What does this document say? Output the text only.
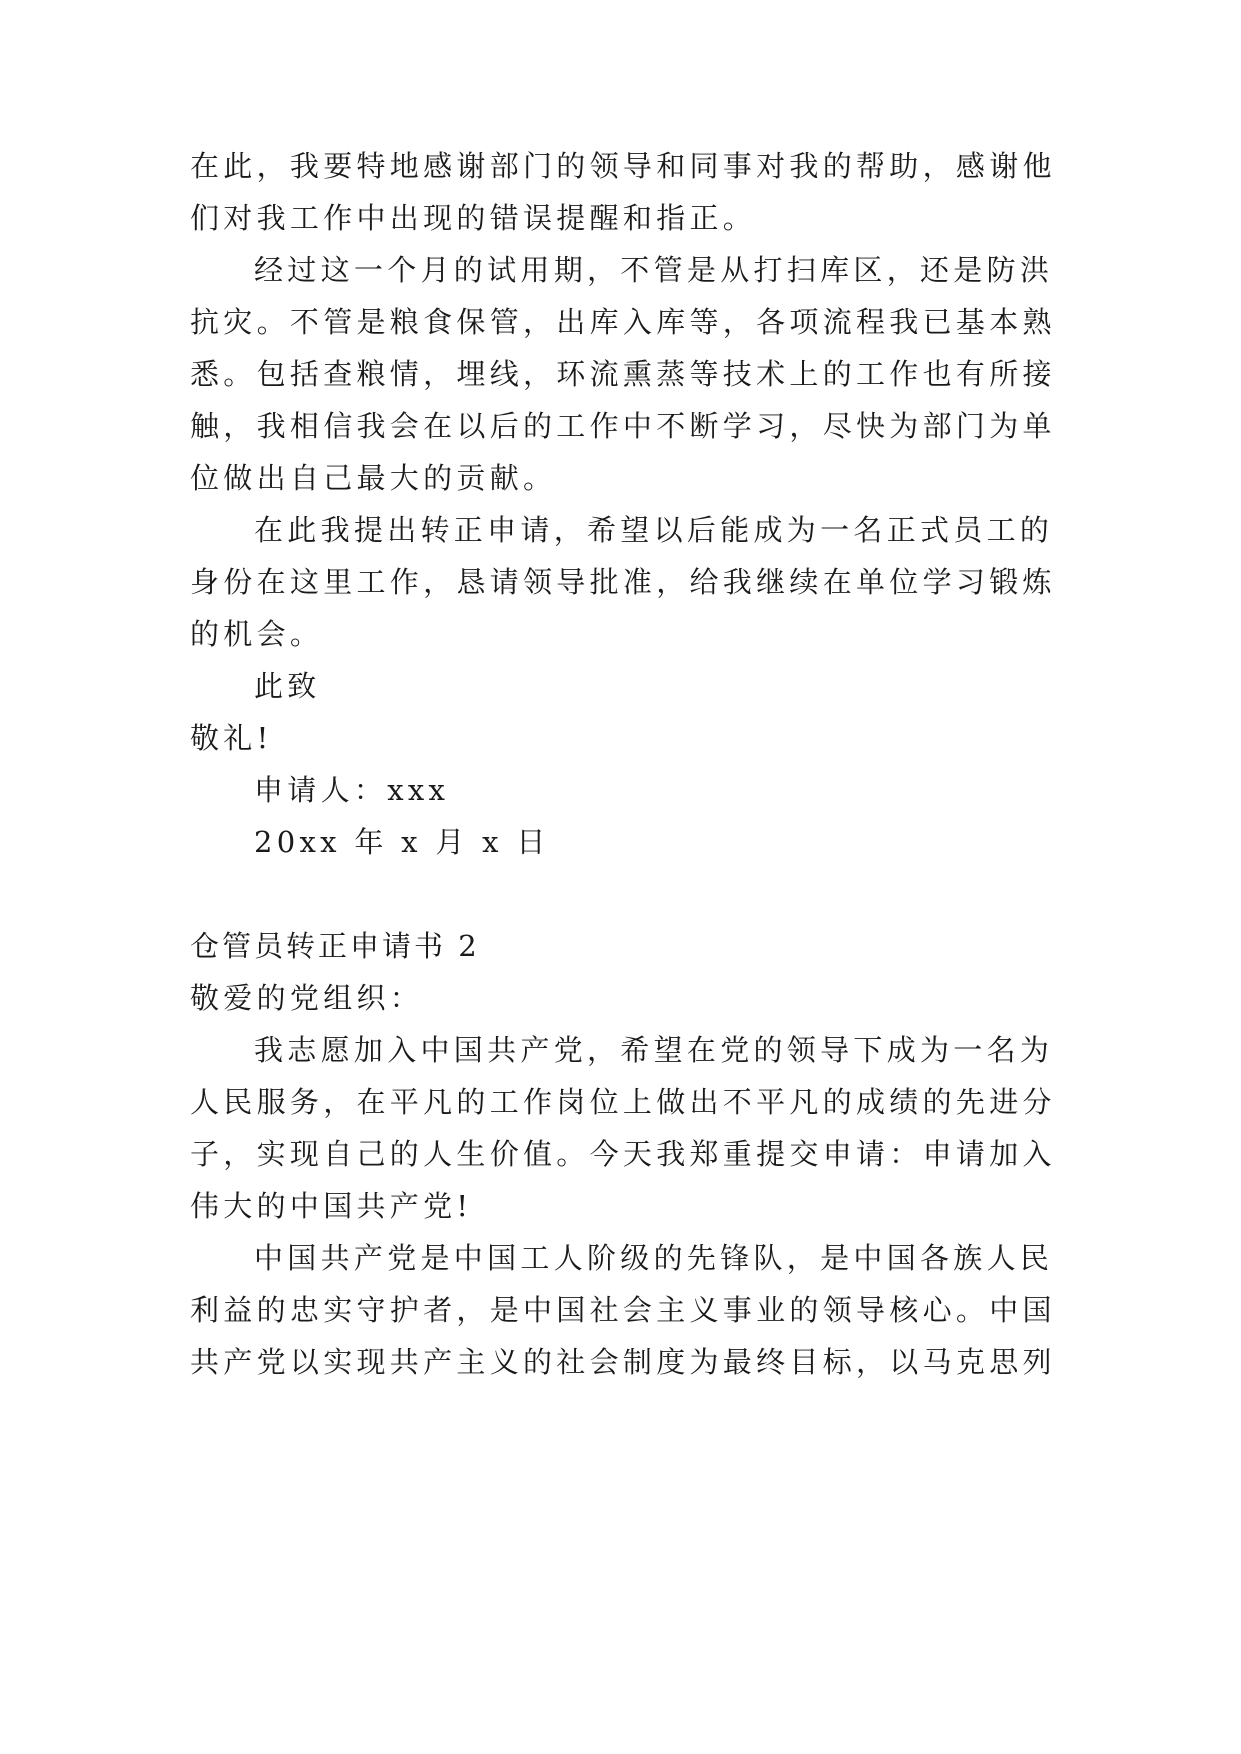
在此，我要特地感谢部门的领导和同事对我的帮助，感谢他
们对我工作中出现的错误提醒和指正。
经过这一个月的试用期，不管是从打扫库区，还是防洪
抗灾。不管是粮食保管，出库入库等，各项流程我已基本熟
悉。包括查粮情，埋线，环流熏蒸等技术上的工作也有所接
触，我相信我会在以后的工作中不断学习，尽快为部门为单
位做出自己最大的贡献。
在此我提出转正申请，希望以后能成为一名正式员工的
身份在这里工作，恳请领导批准，给我继续在单位学习锻炼
的机会。
此致
敬礼!
申请人：xxx
20xx 年 x 月 x 日
仓管员转正申请书 2
敬爱的党组织：
我志愿加入中国共产党，希望在党的领导下成为一名为
人民服务，在平凡的工作岗位上做出不平凡的成绩的先进分
子，实现自己的人生价值。今天我郑重提交申请：申请加入
伟大的中国共产党!
中国共产党是中国工人阶级的先锋队，是中国各族人民
利益的忠实守护者，是中国社会主义事业的领导核心。中国
共产党以实现共产主义的社会制度为最终目标，以马克思列
